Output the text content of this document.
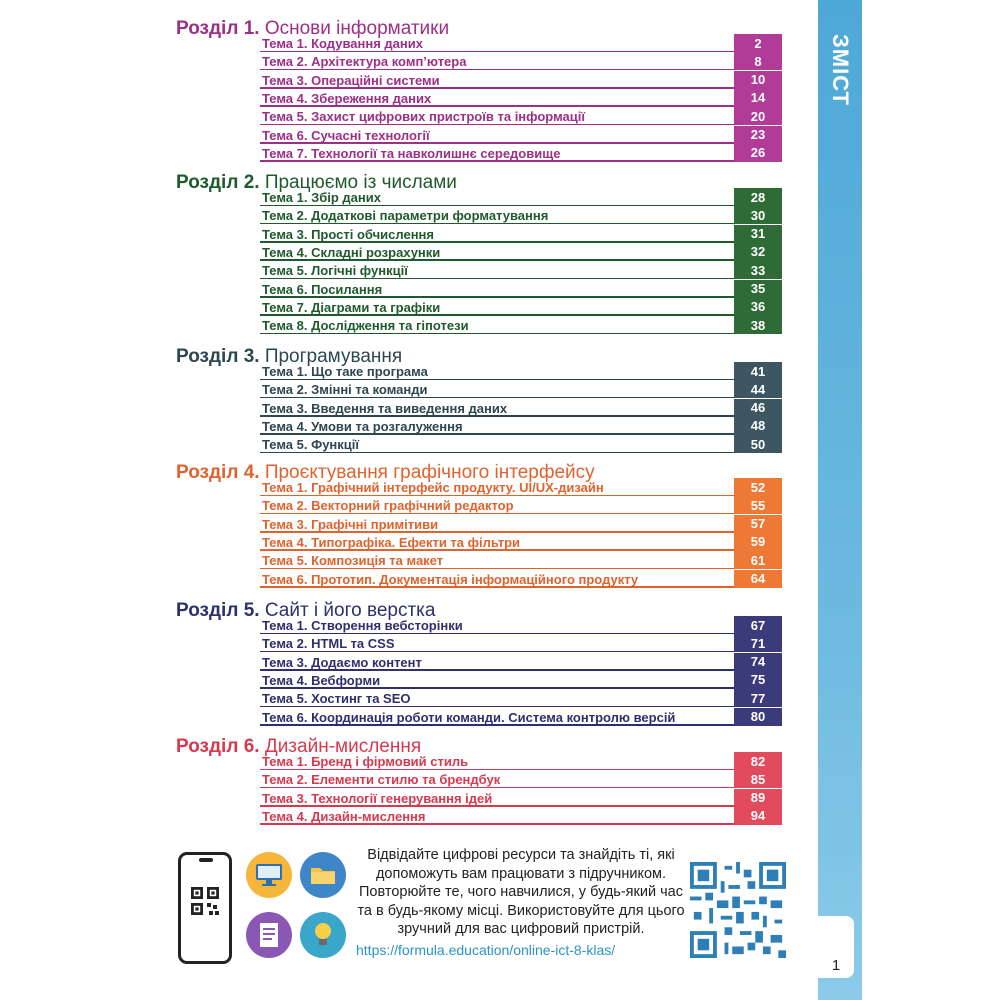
ЗМІСТ
1
Розділ 1. Основи інформатики
Тема 1. Кодування даних	2
Тема 2. Архітектура комп’ютера	8
Тема 3. Операційні системи	10
Тема 4. Збереження даних	14
Тема 5. Захист цифрових пристроїв та інформації	20
Тема 6. Сучасні технології	23
Тема 7. Технології та навколишнє середовище	26
Розділ 2. Працюємо із числами
Тема 1. Збір даних	28
Тема 2. Додаткові параметри форматування	30
Тема 3. Прості обчислення	31
Тема 4. Складні розрахунки	32
Тема 5. Логічні функції	33
Тема 6. Посилання	35
Тема 7. Діаграми та графіки	36
Тема 8. Дослідження та гіпотези	38
Розділ 3. Програмування
Тема 1. Що таке програма	41
Тема 2. Змінні та команди	44
Тема 3. Введення та виведення даних	46
Тема 4. Умови та розгалуження	48
Тема 5. Функції	50
Розділ 4. Проєктування графічного інтерфейсу
Тема 1. Графічний інтерфейс продукту. UI/UX-дизайн	52
Тема 2. Векторний графічний редактор	55
Тема 3. Графічні примітиви	57
Тема 4. Типографіка. Ефекти та фільтри	59
Тема 5. Композиція та макет	61
Тема 6. Прототип. Документація інформаційного продукту	64
Розділ 5. Сайт і його верстка
Тема 1. Створення вебсторінки	67
Тема 2. HTML та CSS	71
Тема 3. Додаємо контент	74
Тема 4. Вебформи	75
Тема 5. Хостинг та SEO	77
Тема 6. Координація роботи команди. Система контролю версій	80
Розділ 6. Дизайн-мислення
Тема 1. Бренд і фірмовий стиль	82
Тема 2. Елементи стилю та брендбук	85
Тема 3. Технології генерування ідей	89
Тема 4. Дизайн-мислення	94
Відвідайте цифрові ресурси та знайдіть ті, які допоможуть вам працювати з підручником. Повторюйте те, чого навчилися, у будь-який час та в будь-якому місці. Використовуйте для цього зручний для вас цифровий пристрій.
https://formula.education/online-ict-8-klas/
